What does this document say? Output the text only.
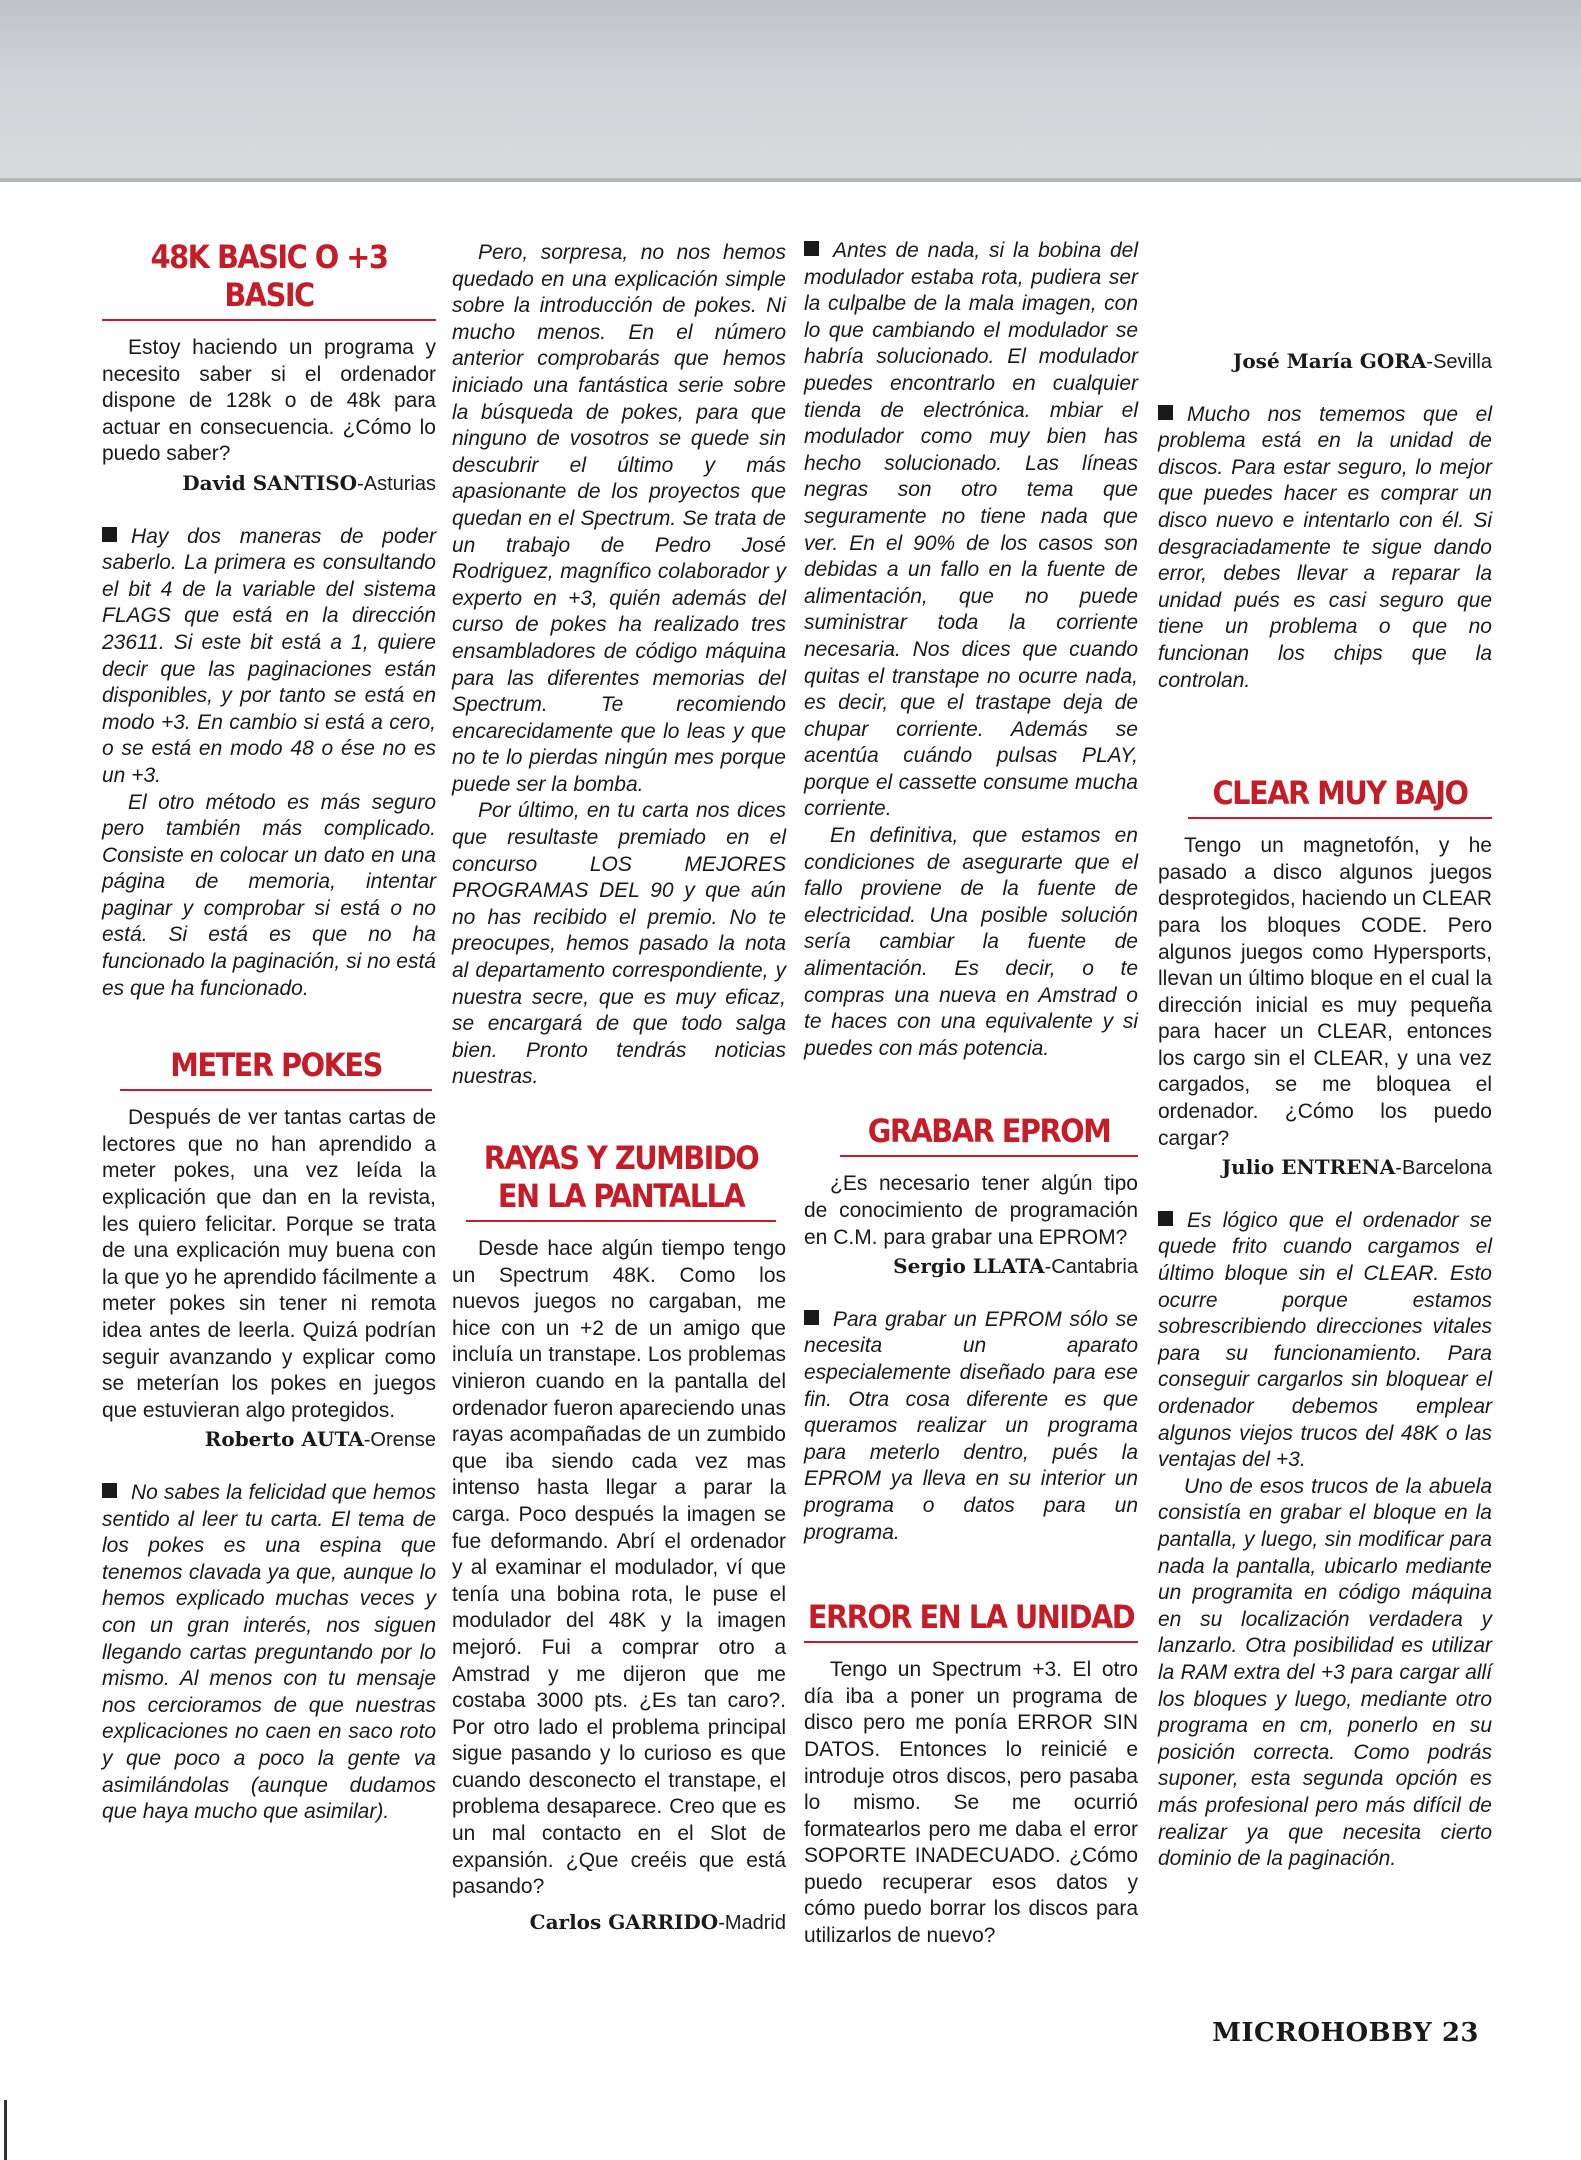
48K BASIC O +3 BASIC

Estoy haciendo un programa y necesito saber si el ordenador dispone de 128k o de 48k para actuar en consecuencia. ¿Cómo lo puedo saber?

David SANTISO-Asturias

Hay dos maneras de poder saberlo. La primera es consultando el bit 4 de la variable del sistema FLAGS que está en la dirección 23611. Si este bit está a 1, quiere decir que las paginaciones están disponibles, y por tanto se está en modo +3. En cambio si está a cero, o se está en modo 48 o ése no es un +3.

El otro método es más seguro pero también más complicado. Consiste en colocar un dato en una página de memoria, intentar paginar y comprobar si está o no está. Si está es que no ha funcionado la paginación, si no está es que ha funcionado.

METER POKES

Después de ver tantas cartas de lectores que no han aprendido a meter pokes, una vez leída la explicación que dan en la revista, les quiero felicitar. Porque se trata de una explicación muy buena con la que yo he aprendido fácilmente a meter pokes sin tener ni remota idea antes de leerla. Quizá podrían seguir avanzando y explicar como se meterían los pokes en juegos que estuvieran algo protegidos.

Roberto AUTA-Orense

No sabes la felicidad que hemos sentido al leer tu carta. El tema de los pokes es una espina que tenemos clavada ya que, aunque lo hemos explicado muchas veces y con un gran interés, nos siguen llegando cartas preguntando por lo mismo. Al menos con tu mensaje nos cercioramos de que nuestras explicaciones no caen en saco roto y que poco a poco la gente va asimilándolas (aunque dudamos que haya mucho que asimilar).

Pero, sorpresa, no nos hemos quedado en una explicación simple sobre la introducción de pokes. Ni mucho menos. En el número anterior comprobarás que hemos iniciado una fantástica serie sobre la búsqueda de pokes, para que ninguno de vosotros se quede sin descubrir el último y más apasionante de los proyectos que quedan en el Spectrum. Se trata de un trabajo de Pedro José Rodriguez, magnífico colaborador y experto en +3, quién además del curso de pokes ha realizado tres ensambladores de código máquina para las diferentes memorias del Spectrum. Te recomiendo encarecidamente que lo leas y que no te lo pierdas ningún mes porque puede ser la bomba.

Por último, en tu carta nos dices que resultaste premiado en el concurso LOS MEJORES PROGRAMAS DEL 90 y que aún no has recibido el premio. No te preocupes, hemos pasado la nota al departamento correspondiente, y nuestra secre, que es muy eficaz, se encargará de que todo salga bien. Pronto tendrás noticias nuestras.

RAYAS Y ZUMBIDO
EN LA PANTALLA

Desde hace algún tiempo tengo un Spectrum 48K. Como los nuevos juegos no cargaban, me hice con un +2 de un amigo que incluía un transtape. Los problemas vinieron cuando en la pantalla del ordenador fueron apareciendo unas rayas acompañadas de un zumbido que iba siendo cada vez mas intenso hasta llegar a parar la carga. Poco después la imagen se fue deformando. Abrí el ordenador y al examinar el modulador, ví que tenía una bobina rota, le puse el modulador del 48K y la imagen mejoró. Fui a comprar otro a Amstrad y me dijeron que me costaba 3000 pts. ¿Es tan caro?. Por otro lado el problema principal sigue pasando y lo curioso es que cuando desconecto el transtape, el problema desaparece. Creo que es un mal contacto en el Slot de expansión. ¿Que creéis que está pasando?

Carlos GARRIDO-Madrid

Antes de nada, si la bobina del modulador estaba rota, pudiera ser la culpalbe de la mala imagen, con lo que cambiando el modulador se habría solucionado. El modulador puedes encontrarlo en cualquier tienda de electrónica. mbiar el modulador como muy bien has hecho solucionado. Las líneas negras son otro tema que seguramente no tiene nada que ver. En el 90% de los casos son debidas a un fallo en la fuente de alimentación, que no puede suministrar toda la corriente necesaria. Nos dices que cuando quitas el transtape no ocurre nada, es decir, que el trastape deja de chupar corriente. Además se acentúa cuándo pulsas PLAY, porque el cassette consume mucha corriente.

En definitiva, que estamos en condiciones de asegurarte que el fallo proviene de la fuente de electricidad. Una posible solución sería cambiar la fuente de alimentación. Es decir, o te compras una nueva en Amstrad o te haces con una equivalente y si puedes con más potencia.

GRABAR EPROM

¿Es necesario tener algún tipo de conocimiento de programación en C.M. para grabar una EPROM?

Sergio LLATA-Cantabria

Para grabar un EPROM sólo se necesita un aparato especialemente diseñado para ese fin. Otra cosa diferente es que queramos realizar un programa para meterlo dentro, pués la EPROM ya lleva en su interior un programa o datos para un programa.

ERROR EN LA UNIDAD

Tengo un Spectrum +3. El otro día iba a poner un programa de disco pero me ponía ERROR SIN DATOS. Entonces lo reinicié e introduje otros discos, pero pasaba lo mismo. Se me ocurrió formatearlos pero me daba el error SOPORTE INADECUADO. ¿Cómo puedo recuperar esos datos y cómo puedo borrar los discos para utilizarlos de nuevo?

José María GORA-Sevilla

Mucho nos tememos que el problema está en la unidad de discos. Para estar seguro, lo mejor que puedes hacer es comprar un disco nuevo e intentarlo con él. Si desgraciadamente te sigue dando error, debes llevar a reparar la unidad pués es casi seguro que tiene un problema o que no funcionan los chips que la controlan.

CLEAR MUY BAJO

Tengo un magnetofón, y he pasado a disco algunos juegos desprotegidos, haciendo un CLEAR para los bloques CODE. Pero algunos juegos como Hypersports, llevan un último bloque en el cual la dirección inicial es muy pequeña para hacer un CLEAR, entonces los cargo sin el CLEAR, y una vez cargados, se me bloquea el ordenador. ¿Cómo los puedo cargar?

Julio ENTRENA-Barcelona

Es lógico que el ordenador se quede frito cuando cargamos el último bloque sin el CLEAR. Esto ocurre porque estamos sobrescribiendo direcciones vitales para su funcionamiento. Para conseguir cargarlos sin bloquear el ordenador debemos emplear algunos viejos trucos del 48K o las ventajas del +3.

Uno de esos trucos de la abuela consistía en grabar el bloque en la pantalla, y luego, sin modificar para nada la pantalla, ubicarlo mediante un programita en código máquina en su localización verdadera y lanzarlo. Otra posibilidad es utilizar la RAM extra del +3 para cargar allí los bloques y luego, mediante otro programa en cm, ponerlo en su posición correcta. Como podrás suponer, esta segunda opción es más profesional pero más difícil de realizar ya que necesita cierto dominio de la paginación.

MICROHOBBY 23
